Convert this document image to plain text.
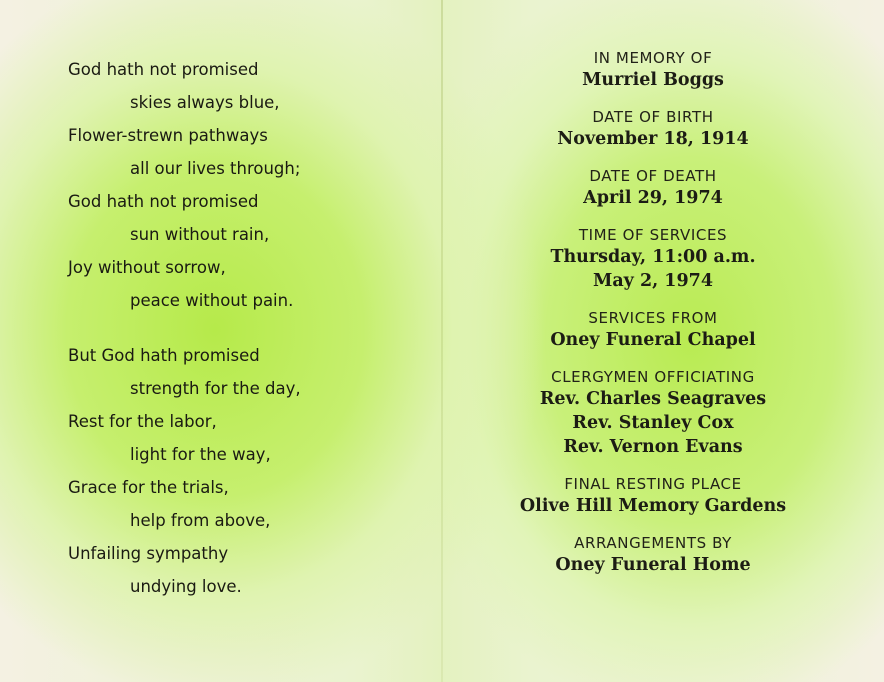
God hath not promised
skies always blue,
Flower-strewn pathways
all our lives through;
God hath not promised
sun without rain,
Joy without sorrow,
peace without pain.
But God hath promised
strength for the day,
Rest for the labor,
light for the way,
Grace for the trials,
help from above,
Unfailing sympathy
undying love.
IN MEMORY OF
Murriel Boggs
DATE OF BIRTH
November 18, 1914
DATE OF DEATH
April 29, 1974
TIME OF SERVICES
Thursday, 11:00 a.m.
May 2, 1974
SERVICES FROM
Oney Funeral Chapel
CLERGYMEN OFFICIATING
Rev. Charles Seagraves
Rev. Stanley Cox
Rev. Vernon Evans
FINAL RESTING PLACE
Olive Hill Memory Gardens
ARRANGEMENTS BY
Oney Funeral Home
